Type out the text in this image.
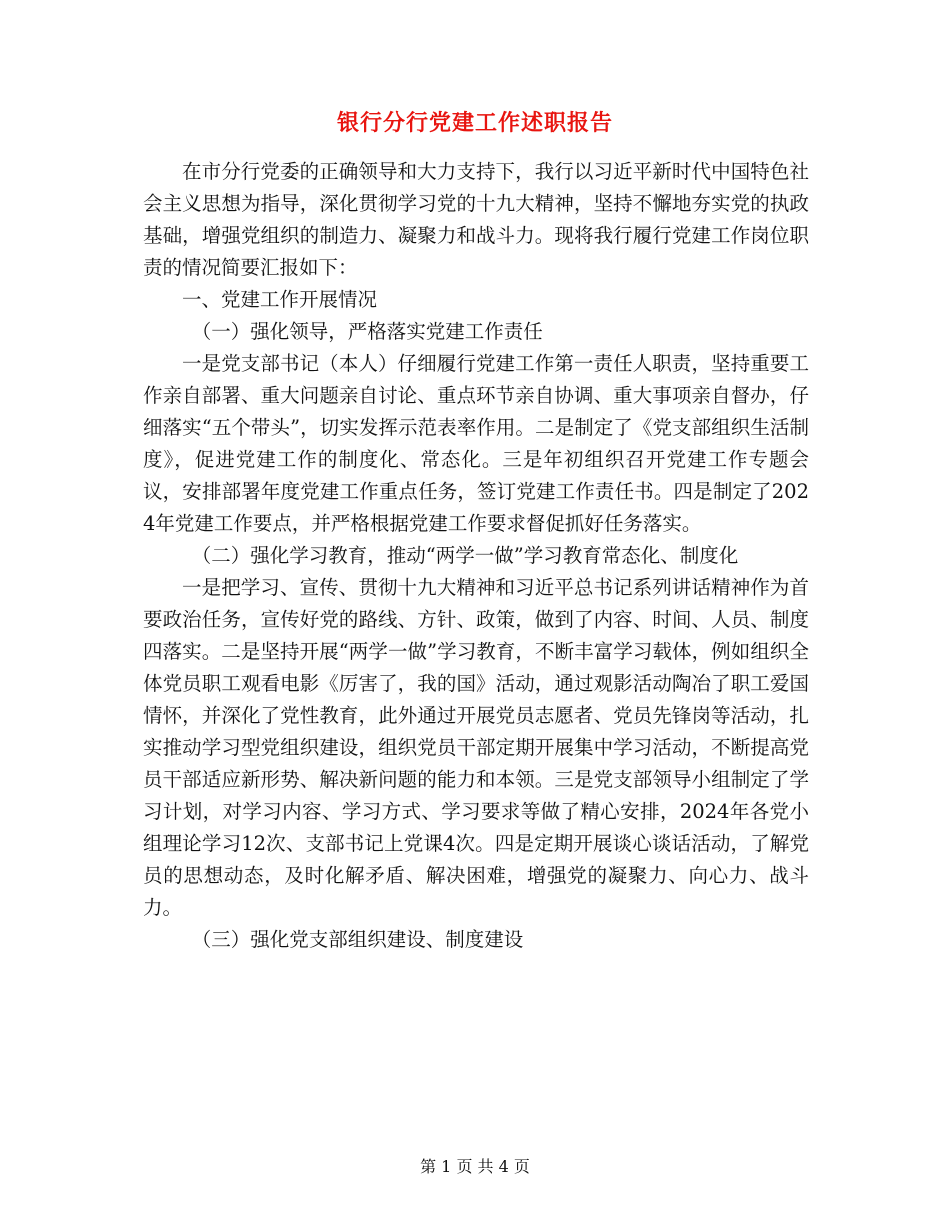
银行分行党建工作述职报告

在市分行党委的正确领导和大力支持下，我行以习近平新时代中国特色社会主义思想为指导，深化贯彻学习党的十九大精神，坚持不懈地夯实党的执政基础，增强党组织的制造力、凝聚力和战斗力。现将我行履行党建工作岗位职责的情况简要汇报如下：

一、党建工作开展情况

（一）强化领导，严格落实党建工作责任

一是党支部书记（本人）仔细履行党建工作第一责任人职责，坚持重要工作亲自部署、重大问题亲自讨论、重点环节亲自协调、重大事项亲自督办，仔细落实“五个带头”，切实发挥示范表率作用。二是制定了《党支部组织生活制度》，促进党建工作的制度化、常态化。三是年初组织召开党建工作专题会议，安排部署年度党建工作重点任务，签订党建工作责任书。四是制定了2024年党建工作要点，并严格根据党建工作要求督促抓好任务落实。

（二）强化学习教育，推动“两学一做”学习教育常态化、制度化

一是把学习、宣传、贯彻十九大精神和习近平总书记系列讲话精神作为首要政治任务，宣传好党的路线、方针、政策，做到了内容、时间、人员、制度四落实。二是坚持开展“两学一做”学习教育，不断丰富学习载体，例如组织全体党员职工观看电影《厉害了，我的国》活动，通过观影活动陶冶了职工爱国情怀，并深化了党性教育，此外通过开展党员志愿者、党员先锋岗等活动，扎实推动学习型党组织建设，组织党员干部定期开展集中学习活动，不断提高党员干部适应新形势、解决新问题的能力和本领。三是党支部领导小组制定了学习计划，对学习内容、学习方式、学习要求等做了精心安排，2024年各党小组理论学习12次、支部书记上党课4次。四是定期开展谈心谈话活动，了解党员的思想动态，及时化解矛盾、解决困难，增强党的凝聚力、向心力、战斗力。

（三）强化党支部组织建设、制度建设

第 1 页 共 4 页
